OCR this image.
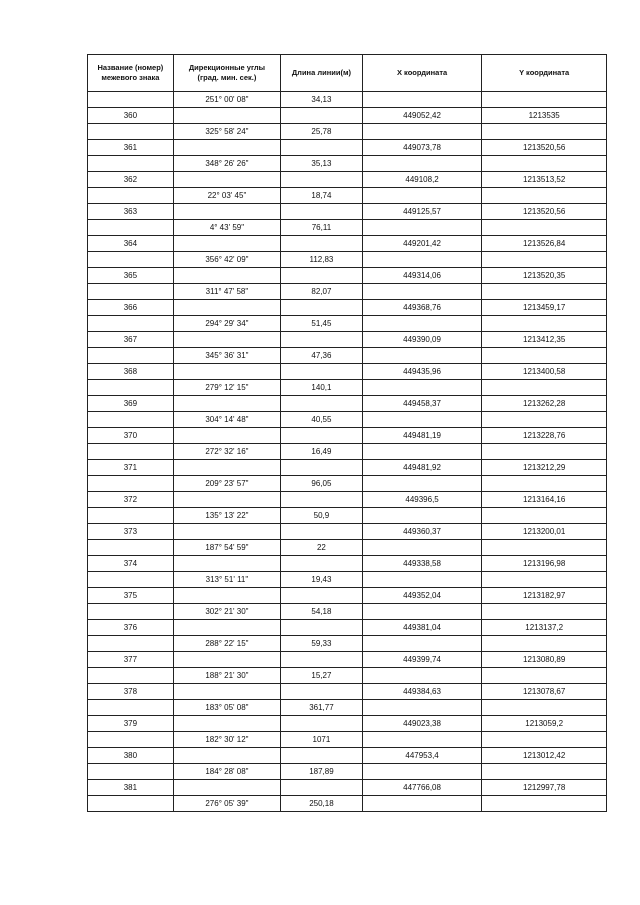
Название (номер)
межевого знака	Дирекционные углы
(град. мин. сек.)	Длина линии(м)	X координата	Y координата
	251° 00' 08"	34,13		
360			449052,42	1213535
	325° 58' 24"	25,78		
361			449073,78	1213520,56
	348° 26' 26"	35,13		
362			449108,2	1213513,52
	22° 03' 45"	18,74		
363			449125,57	1213520,56
	4° 43' 59"	76,11		
364			449201,42	1213526,84
	356° 42' 09"	112,83		
365			449314,06	1213520,35
	311° 47' 58"	82,07		
366			449368,76	1213459,17
	294° 29' 34"	51,45		
367			449390,09	1213412,35
	345° 36' 31"	47,36		
368			449435,96	1213400,58
	279° 12' 15"	140,1		
369			449458,37	1213262,28
	304° 14' 48"	40,55		
370			449481,19	1213228,76
	272° 32' 16"	16,49		
371			449481,92	1213212,29
	209° 23' 57"	96,05		
372			449396,5	1213164,16
	135° 13' 22"	50,9		
373			449360,37	1213200,01
	187° 54' 59"	22		
374			449338,58	1213196,98
	313° 51' 11"	19,43		
375			449352,04	1213182,97
	302° 21' 30"	54,18		
376			449381,04	1213137,2
	288° 22' 15"	59,33		
377			449399,74	1213080,89
	188° 21' 30"	15,27		
378			449384,63	1213078,67
	183° 05' 08"	361,77		
379			449023,38	1213059,2
	182° 30' 12"	1071		
380			447953,4	1213012,42
	184° 28' 08"	187,89		
381			447766,08	1212997,78
	276° 05' 39"	250,18		
